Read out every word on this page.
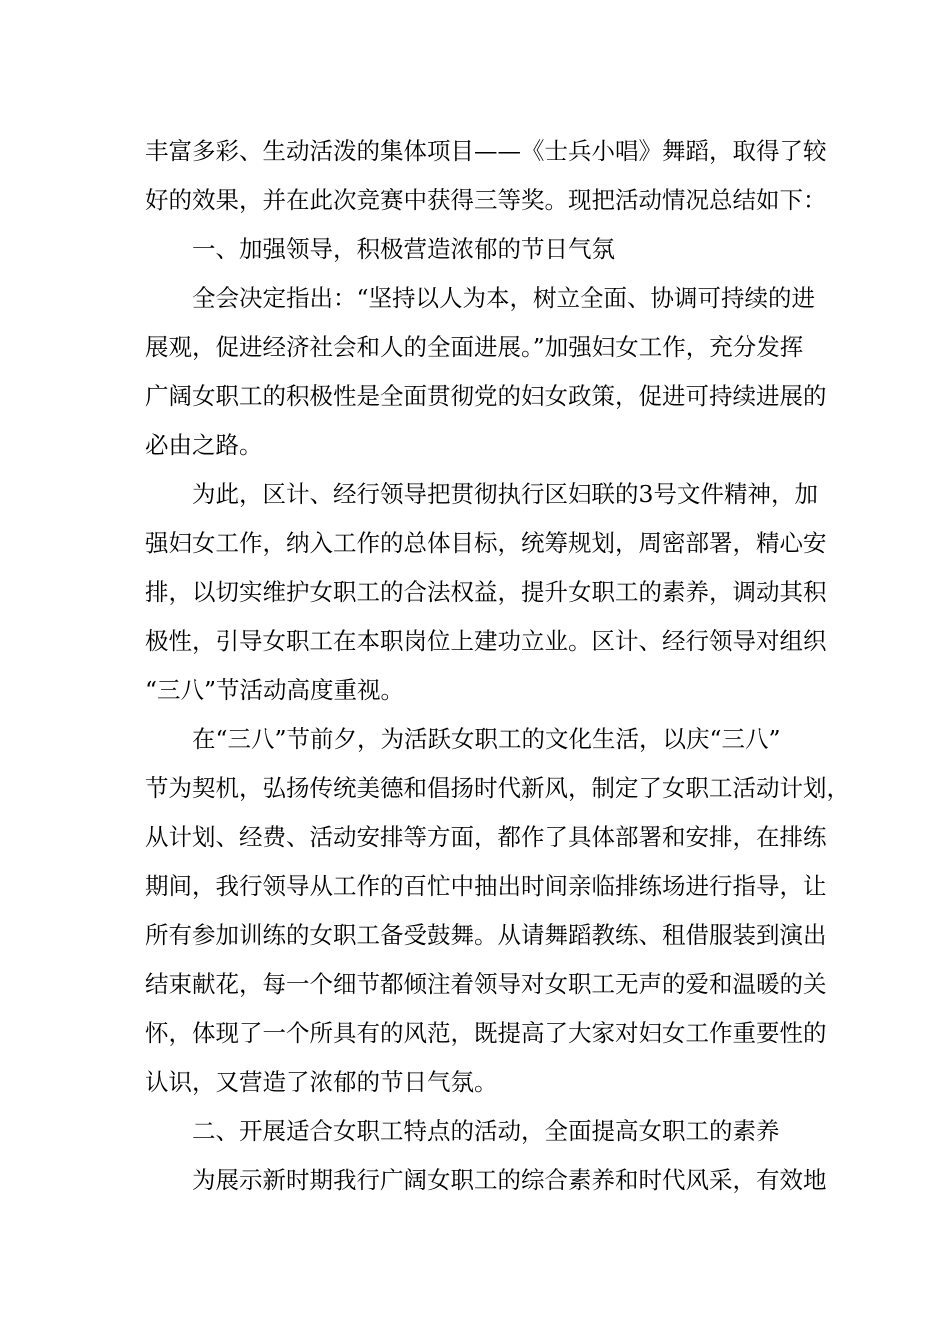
丰富多彩、生动活泼的集体项目——《士兵小唱》舞蹈，取得了较

好的效果，并在此次竞赛中获得三等奖。现把活动情况总结如下：

一、加强领导，积极营造浓郁的节日气氛

全会决定指出：“坚持以人为本，树立全面、协调可持续的进

展观，促进经济社会和人的全面进展。”加强妇女工作，充分发挥

广阔女职工的积极性是全面贯彻党的妇女政策，促进可持续进展的

必由之路。

为此，区计、经行领导把贯彻执行区妇联的3号文件精神，加

强妇女工作，纳入工作的总体目标，统筹规划，周密部署，精心安

排，以切实维护女职工的合法权益，提升女职工的素养，调动其积

极性，引导女职工在本职岗位上建功立业。区计、经行领导对组织

“三八”节活动高度重视。

在“三八”节前夕，为活跃女职工的文化生活，以庆“三八”

节为契机，弘扬传统美德和倡扬时代新风，制定了女职工活动计划，

从计划、经费、活动安排等方面，都作了具体部署和安排，在排练

期间，我行领导从工作的百忙中抽出时间亲临排练场进行指导，让

所有参加训练的女职工备受鼓舞。从请舞蹈教练、租借服装到演出

结束献花，每一个细节都倾注着领导对女职工无声的爱和温暖的关

怀，体现了一个所具有的风范，既提高了大家对妇女工作重要性的

认识，又营造了浓郁的节日气氛。

二、开展适合女职工特点的活动，全面提高女职工的素养

为展示新时期我行广阔女职工的综合素养和时代风采，有效地
